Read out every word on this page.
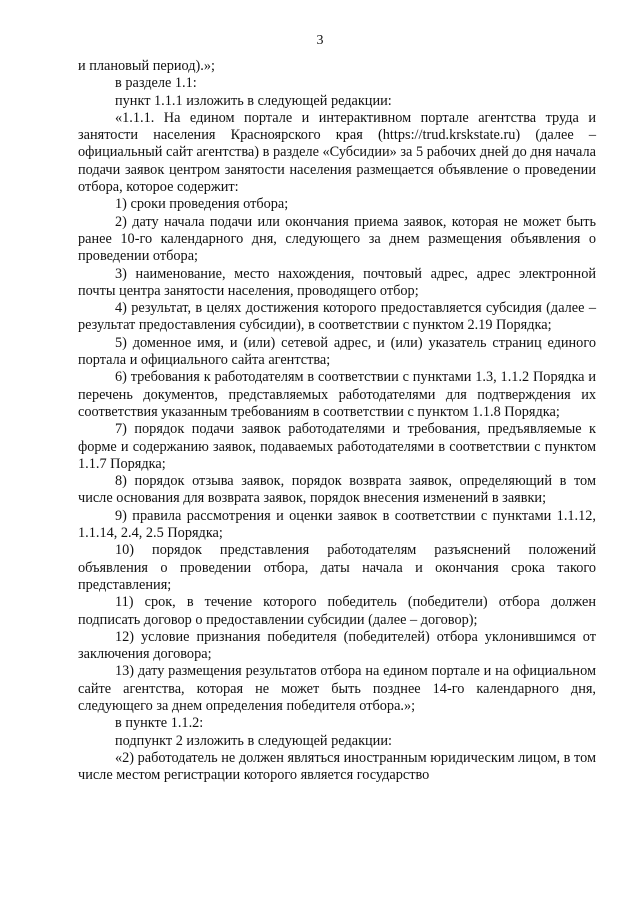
3

и плановый период).»;

в разделе 1.1:

пункт 1.1.1 изложить в следующей редакции:

«1.1.1. На едином портале и интерактивном портале агентства труда и занятости населения Красноярского края (https://trud.krskstate.ru) (далее – официальный сайт агентства) в разделе «Субсидии» за 5 рабочих дней до дня начала подачи заявок центром занятости населения размещается объявление о проведении отбора, которое содержит:

1) сроки проведения отбора;

2) дату начала подачи или окончания приема заявок, которая не может быть ранее 10-го календарного дня, следующего за днем размещения объявления о проведении отбора;

3) наименование, место нахождения, почтовый адрес, адрес электронной почты центра занятости населения, проводящего отбор;

4) результат, в целях достижения которого предоставляется субсидия (далее – результат предоставления субсидии), в соответствии с пунктом 2.19 Порядка;

5) доменное имя, и (или) сетевой адрес, и (или) указатель страниц единого портала и официального сайта агентства;

6) требования к работодателям в соответствии с пунктами 1.3, 1.1.2 Порядка и перечень документов, представляемых работодателями для подтверждения их соответствия указанным требованиям в соответствии с пунктом 1.1.8 Порядка;

7) порядок подачи заявок работодателями и требования, предъявляемые к форме и содержанию заявок, подаваемых работодателями в соответствии с пунктом 1.1.7 Порядка;

8) порядок отзыва заявок, порядок возврата заявок, определяющий в том числе основания для возврата заявок, порядок внесения изменений в заявки;

9) правила рассмотрения и оценки заявок в соответствии с пунктами 1.1.12, 1.1.14, 2.4, 2.5 Порядка;

10) порядок представления работодателям разъяснений положений объявления о проведении отбора, даты начала и окончания срока такого представления;

11) срок, в течение которого победитель (победители) отбора должен подписать договор о предоставлении субсидии (далее – договор);

12) условие признания победителя (победителей) отбора уклонившимся от заключения договора;

13) дату размещения результатов отбора на едином портале и на официальном сайте агентства, которая не может быть позднее 14-го календарного дня, следующего за днем определения победителя отбора.»;

в пункте 1.1.2:

подпункт 2 изложить в следующей редакции:

«2) работодатель не должен являться иностранным юридическим лицом, в том числе местом регистрации которого является государство
